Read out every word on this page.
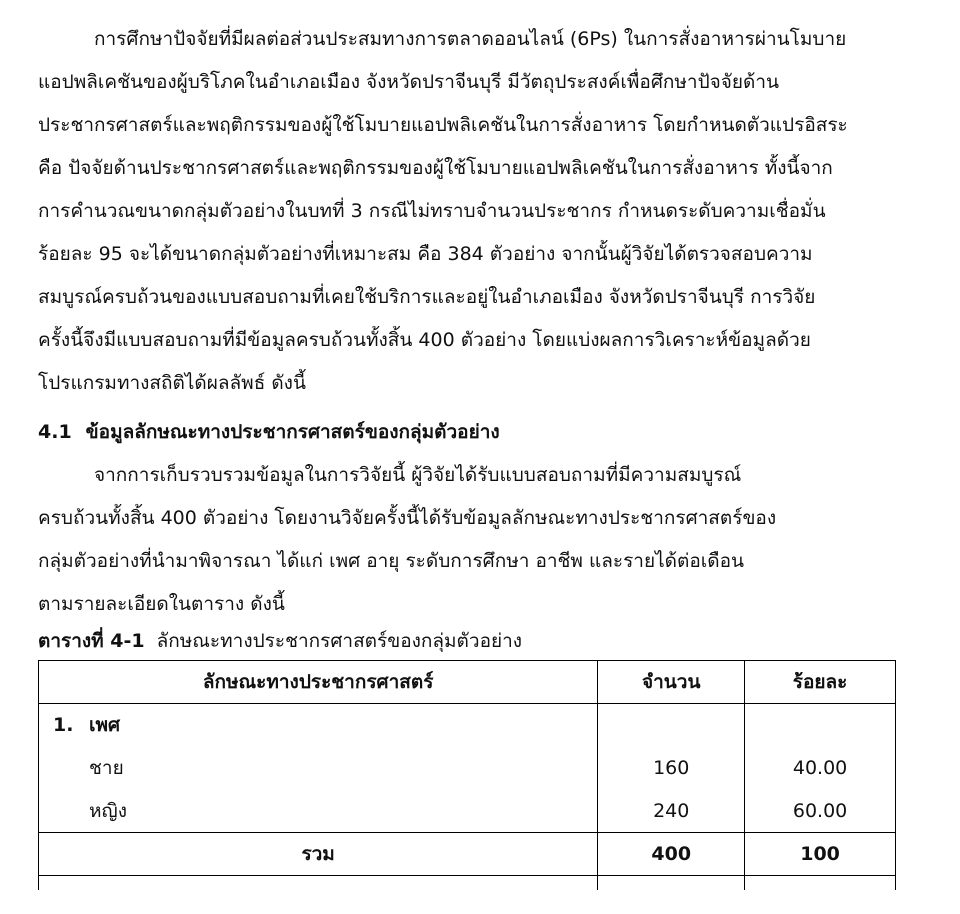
การศึกษาปัจจัยที่มีผลต่อส่วนประสมทางการตลาดออนไลน์ (6Ps) ในการสั่งอาหารผ่านโมบาย
แอปพลิเคชันของผู้บริโภคในอำเภอเมือง จังหวัดปราจีนบุรี มีวัตถุประสงค์เพื่อศึกษาปัจจัยด้าน
ประชากรศาสตร์และพฤติกรรมของผู้ใช้โมบายแอปพลิเคชันในการสั่งอาหาร โดยกำหนดตัวแปรอิสระ
คือ ปัจจัยด้านประชากรศาสตร์และพฤติกรรมของผู้ใช้โมบายแอปพลิเคชันในการสั่งอาหาร ทั้งนี้จาก
การคำนวณขนาดกลุ่มตัวอย่างในบทที่ 3 กรณีไม่ทราบจำนวนประชากร กำหนดระดับความเชื่อมั่น
ร้อยละ 95 จะได้ขนาดกลุ่มตัวอย่างที่เหมาะสม คือ 384 ตัวอย่าง จากนั้นผู้วิจัยได้ตรวจสอบความ
สมบูรณ์ครบถ้วนของแบบสอบถามที่เคยใช้บริการและอยู่ในอำเภอเมือง จังหวัดปราจีนบุรี การวิจัย
ครั้งนี้จึงมีแบบสอบถามที่มีข้อมูลครบถ้วนทั้งสิ้น 400 ตัวอย่าง โดยแบ่งผลการวิเคราะห์ข้อมูลด้วย
โปรแกรมทางสถิติได้ผลลัพธ์ ดังนี้
4.1 ข้อมูลลักษณะทางประชากรศาสตร์ของกลุ่มตัวอย่าง
จากการเก็บรวบรวมข้อมูลในการวิจัยนี้ ผู้วิจัยได้รับแบบสอบถามที่มีความสมบูรณ์
ครบถ้วนทั้งสิ้น 400 ตัวอย่าง โดยงานวิจัยครั้งนี้ได้รับข้อมูลลักษณะทางประชากรศาสตร์ของ
กลุ่มตัวอย่างที่นำมาพิจารณา ได้แก่ เพศ อายุ ระดับการศึกษา อาชีพ และรายได้ต่อเดือน
ตามรายละเอียดในตาราง ดังนี้
ตารางที่ 4-1 ลักษณะทางประชากรศาสตร์ของกลุ่มตัวอย่าง
ลักษณะทางประชากรศาสตร์	จำนวน	ร้อยละ
1. เพศ		
ชาย	160	40.00
หญิง	240	60.00
รวม	400	100
